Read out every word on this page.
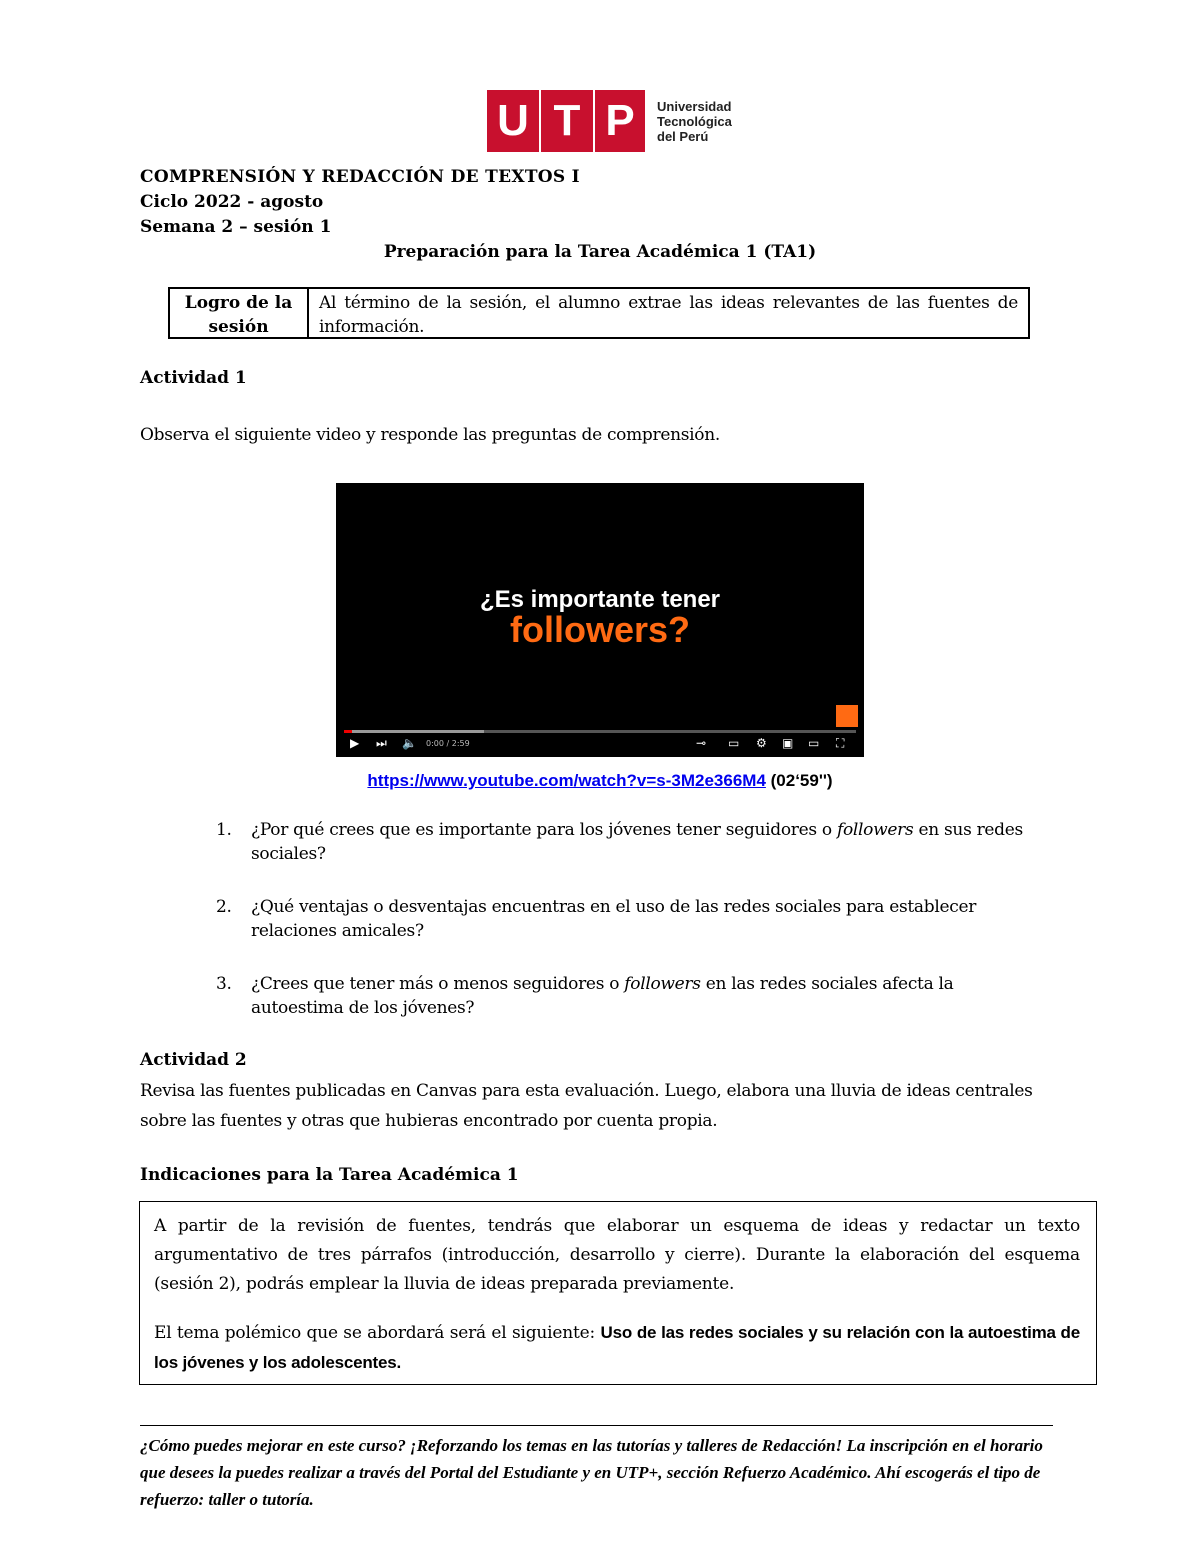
U T P	Universidad
Tecnológica
del Perú
COMPRENSIÓN Y REDACCIÓN DE TEXTOS I
Ciclo 2022 - agosto
Semana 2 – sesión 1
Preparación para la Tarea Académica 1 (TA1)
Logro de la sesión
Al término de la sesión, el alumno extrae las ideas relevantes de las fuentes de información.
Actividad 1
Observa el siguiente video y responde las preguntas de comprensión.
¿Es importante tener
followers?
▶ ⏭ 🔈 0:00 / 2:59	⊸ ▭ ⚙ ▣ ▭ ⛶
https://www.youtube.com/watch?v=s-3M2e366M4 (02‘59'')
1. ¿Por qué crees que es importante para los jóvenes tener seguidores o followers en sus redes sociales?
2. ¿Qué ventajas o desventajas encuentras en el uso de las redes sociales para establecer relaciones amicales?
3. ¿Crees que tener más o menos seguidores o followers en las redes sociales afecta la autoestima de los jóvenes?
Actividad 2
Revisa las fuentes publicadas en Canvas para esta evaluación. Luego, elabora una lluvia de ideas centrales sobre las fuentes y otras que hubieras encontrado por cuenta propia.
Indicaciones para la Tarea Académica 1
A partir de la revisión de fuentes, tendrás que elaborar un esquema de ideas y redactar un texto argumentativo de tres párrafos (introducción, desarrollo y cierre). Durante la elaboración del esquema (sesión 2), podrás emplear la lluvia de ideas preparada previamente.
El tema polémico que se abordará será el siguiente: Uso de las redes sociales y su relación con la autoestima de los jóvenes y los adolescentes.
¿Cómo puedes mejorar en este curso? ¡Reforzando los temas en las tutorías y talleres de Redacción! La inscripción en el horario que desees la puedes realizar a través del Portal del Estudiante y en UTP+, sección Refuerzo Académico. Ahí escogerás el tipo de refuerzo: taller o tutoría.
